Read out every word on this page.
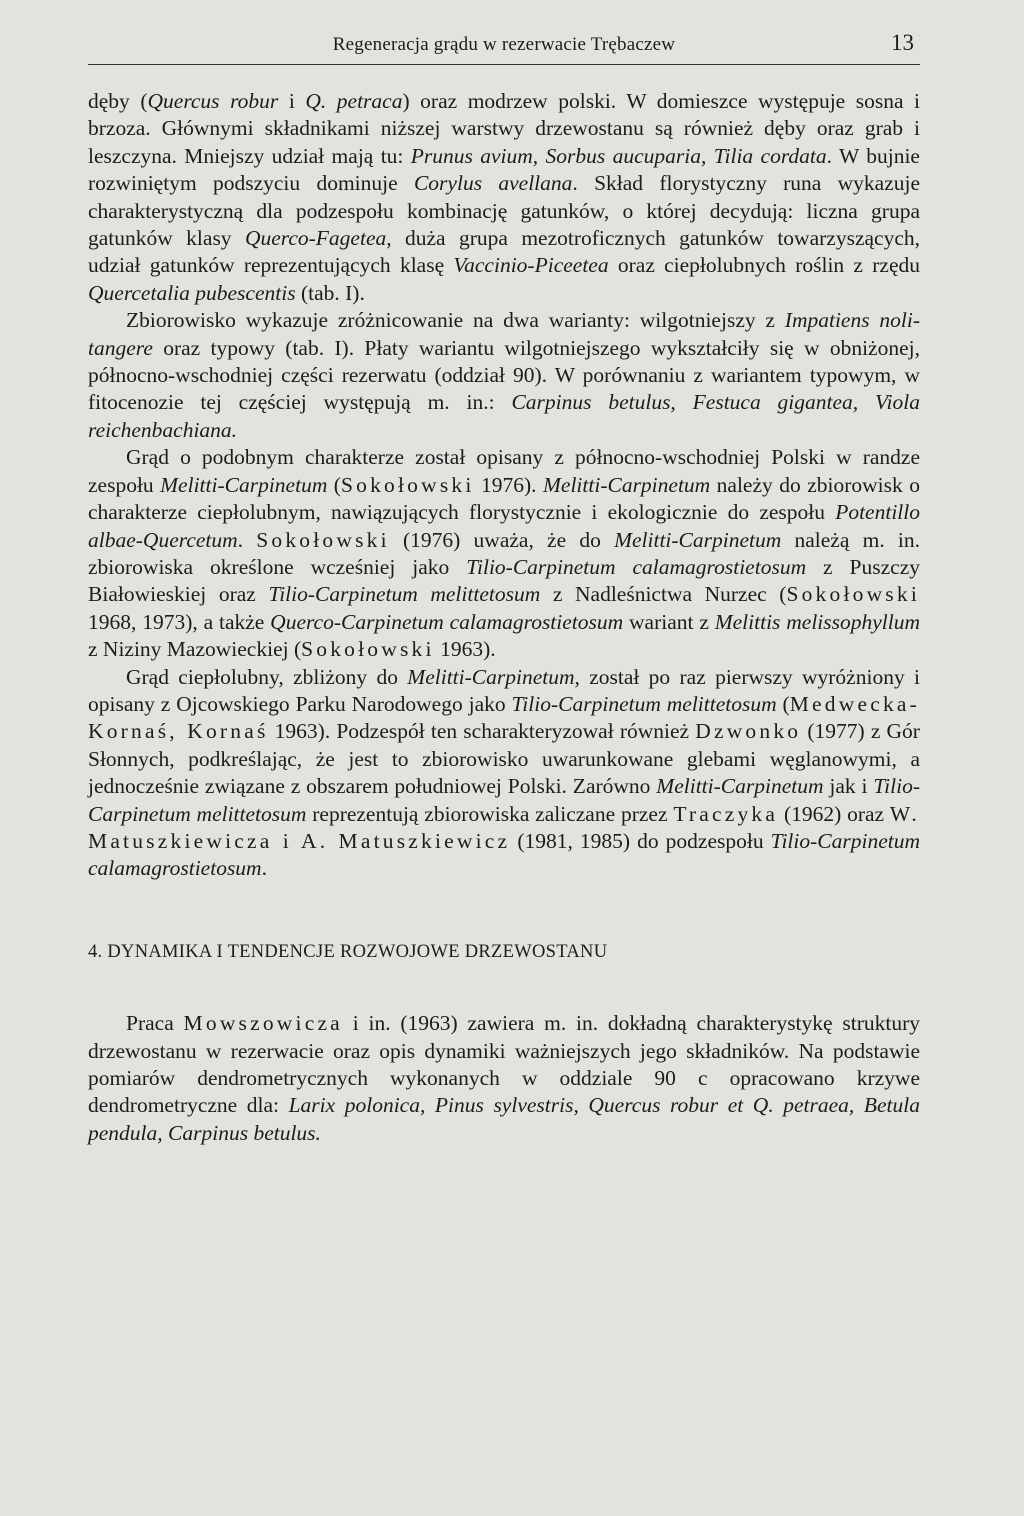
Regeneracja grądu w rezerwacie Trębaczew	13

dęby (Quercus robur i Q. petraca) oraz modrzew polski. W domieszce występuje sosna i brzoza. Głównymi składnikami niższej warstwy drzewostanu są również dęby oraz grab i leszczyna. Mniejszy udział mają tu: Prunus avium, Sorbus aucuparia, Tilia cordata. W bujnie rozwiniętym podszyciu dominuje Corylus avellana. Skład florystyczny runa wykazuje charakterystyczną dla podzespołu kombinację gatunków, o której decydują: liczna grupa gatunków klasy Querco-Fagetea, duża grupa mezotroficznych gatunków towarzyszących, udział gatunków reprezentujących klasę Vaccinio-Piceetea oraz ciepłolubnych roślin z rzędu Quercetalia pubescentis (tab. I).

Zbiorowisko wykazuje zróżnicowanie na dwa warianty: wilgotniejszy z Impatiens noli-tangere oraz typowy (tab. I). Płaty wariantu wilgotniejszego wykształciły się w obniżonej, północno-wschodniej części rezerwatu (oddział 90). W porównaniu z wariantem typowym, w fitocenozie tej częściej występują m. in.: Carpinus betulus, Festuca gigantea, Viola reichenbachiana.

Grąd o podobnym charakterze został opisany z północno-wschodniej Polski w randze zespołu Melitti-Carpinetum (Sokołowski 1976). Melitti-Carpinetum należy do zbiorowisk o charakterze ciepłolubnym, nawiązujących florystycznie i ekologicznie do zespołu Potentillo albae-Quercetum. Sokołowski (1976) uważa, że do Melitti-Carpinetum należą m. in. zbiorowiska określone wcześniej jako Tilio-Carpinetum calamagrostietosum z Puszczy Białowieskiej oraz Tilio-Carpinetum melittetosum z Nadleśnictwa Nurzec (Sokołowski 1968, 1973), a także Querco-Carpinetum calamagrostietosum wariant z Melittis melissophyllum z Niziny Mazowieckiej (Sokołowski 1963).

Grąd ciepłolubny, zbliżony do Melitti-Carpinetum, został po raz pierwszy wyróżniony i opisany z Ojcowskiego Parku Narodowego jako Tilio-Carpinetum melittetosum (Medwecka-Kornaś, Kornaś 1963). Podzespół ten scharakteryzował również Dzwonko (1977) z Gór Słonnych, podkreślając, że jest to zbiorowisko uwarunkowane glebami węglanowymi, a jednocześnie związane z obszarem południowej Polski. Zarówno Melitti-Carpinetum jak i Tilio-Carpinetum melittetosum reprezentują zbiorowiska zaliczane przez Traczyka (1962) oraz W. Matuszkiewicza i A. Matuszkiewicz (1981, 1985) do podzespołu Tilio-Carpinetum calamagrostietosum.

4. DYNAMIKA I TENDENCJE ROZWOJOWE DRZEWOSTANU

Praca Mowszowicza i in. (1963) zawiera m. in. dokładną charakterystykę struktury drzewostanu w rezerwacie oraz opis dynamiki ważniejszych jego składników. Na podstawie pomiarów dendrometrycznych wykonanych w oddziale 90 c opracowano krzywe dendrometryczne dla: Larix polonica, Pinus sylvestris, Quercus robur et Q. petraea, Betula pendula, Carpinus betulus.
